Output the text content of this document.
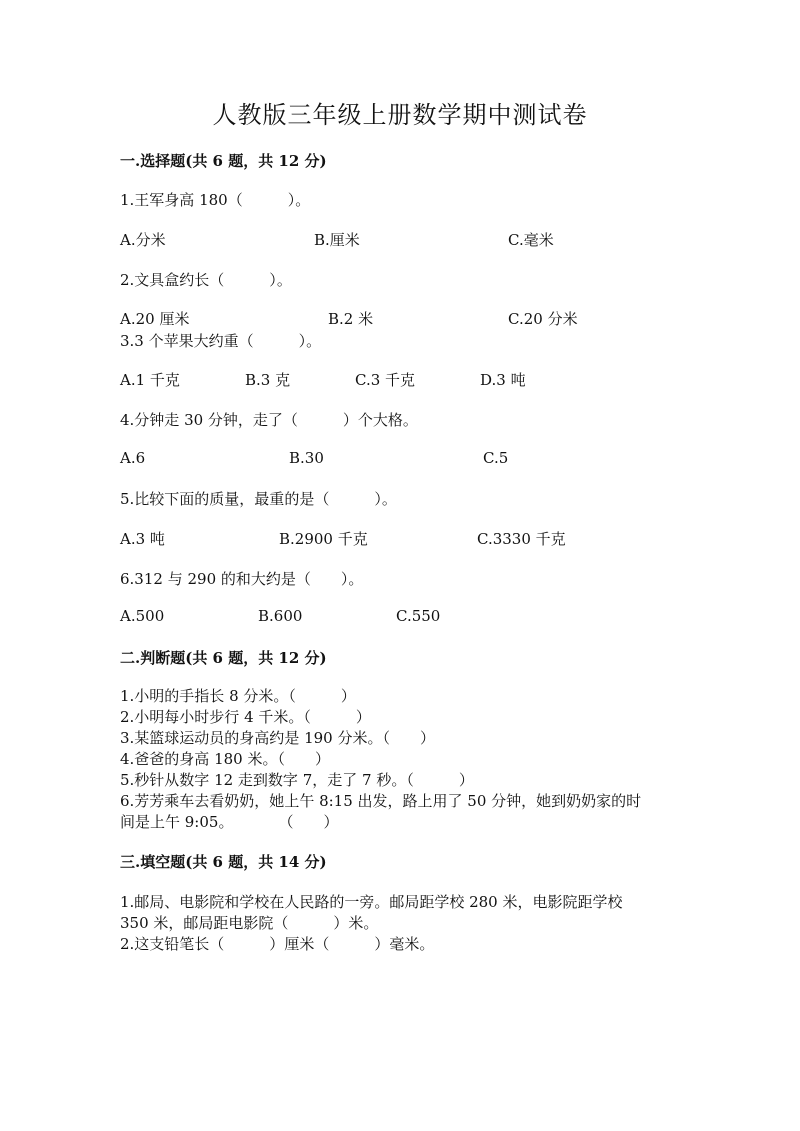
人教版三年级上册数学期中测试卷
一.选择题(共 6 题，共 12 分)
1.王军身高 180（　　　）。
A.分米	B.厘米	C.毫米
2.文具盒约长（　　　）。
A.20 厘米	B.2 米	C.20 分米
3.3 个苹果大约重（　　　）。
A.1 千克	B.3 克	C.3 千克	D.3 吨
4.分钟走 30 分钟，走了（　　　）个大格。
A.6	B.30	C.5
5.比较下面的质量，最重的是（　　　）。
A.3 吨	B.2900 千克	C.3330 千克
6.312 与 290 的和大约是（　　）。
A.500	B.600	C.550
二.判断题(共 6 题，共 12 分)
1.小明的手指长 8 分米。（　　　）
2.小明每小时步行 4 千米。（　　　）
3.某篮球运动员的身高约是 190 分米。（　　）
4.爸爸的身高 180 米。（　　）
5.秒针从数字 12 走到数字 7，走了 7 秒。（　　　）
6.芳芳乘车去看奶奶，她上午 8:15 出发，路上用了 50 分钟，她到奶奶家的时
间是上午 9:05。　　　　（　　）
三.填空题(共 6 题，共 14 分)
1.邮局、电影院和学校在人民路的一旁。邮局距学校 280 米，电影院距学校
350 米，邮局距电影院（　　　）米。
2.这支铅笔长（　　　）厘米（　　　）毫米。
